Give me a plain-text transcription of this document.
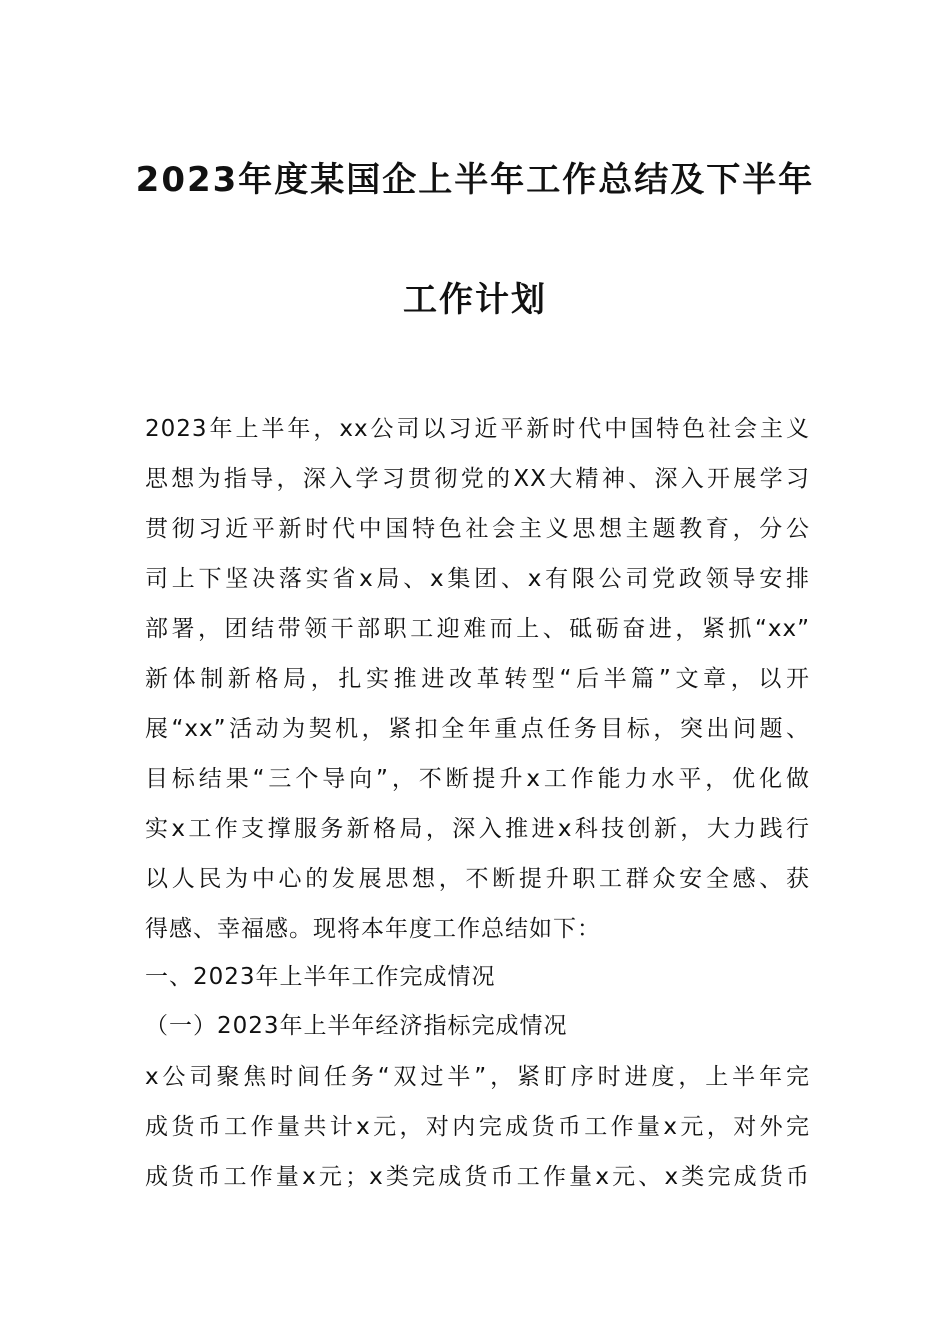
2023年度某国企上半年工作总结及下半年
工作计划
2023年上半年，xx公司以习近平新时代中国特色社会主义
思想为指导，深入学习贯彻党的XX大精神、深入开展学习
贯彻习近平新时代中国特色社会主义思想主题教育，分公
司上下坚决落实省x局、x集团、x有限公司党政领导安排
部署，团结带领干部职工迎难而上、砥砺奋进，紧抓“xx”
新体制新格局，扎实推进改革转型“后半篇”文章，以开
展“xx”活动为契机，紧扣全年重点任务目标，突出问题、
目标结果“三个导向”，不断提升x工作能力水平，优化做
实x工作支撑服务新格局，深入推进x科技创新，大力践行
以人民为中心的发展思想，不断提升职工群众安全感、获
得感、幸福感。现将本年度工作总结如下：
一、2023年上半年工作完成情况
（一）2023年上半年经济指标完成情况
x公司聚焦时间任务“双过半”，紧盯序时进度，上半年完
成货币工作量共计x元，对内完成货币工作量x元，对外完
成货币工作量x元；x类完成货币工作量x元、x类完成货币
